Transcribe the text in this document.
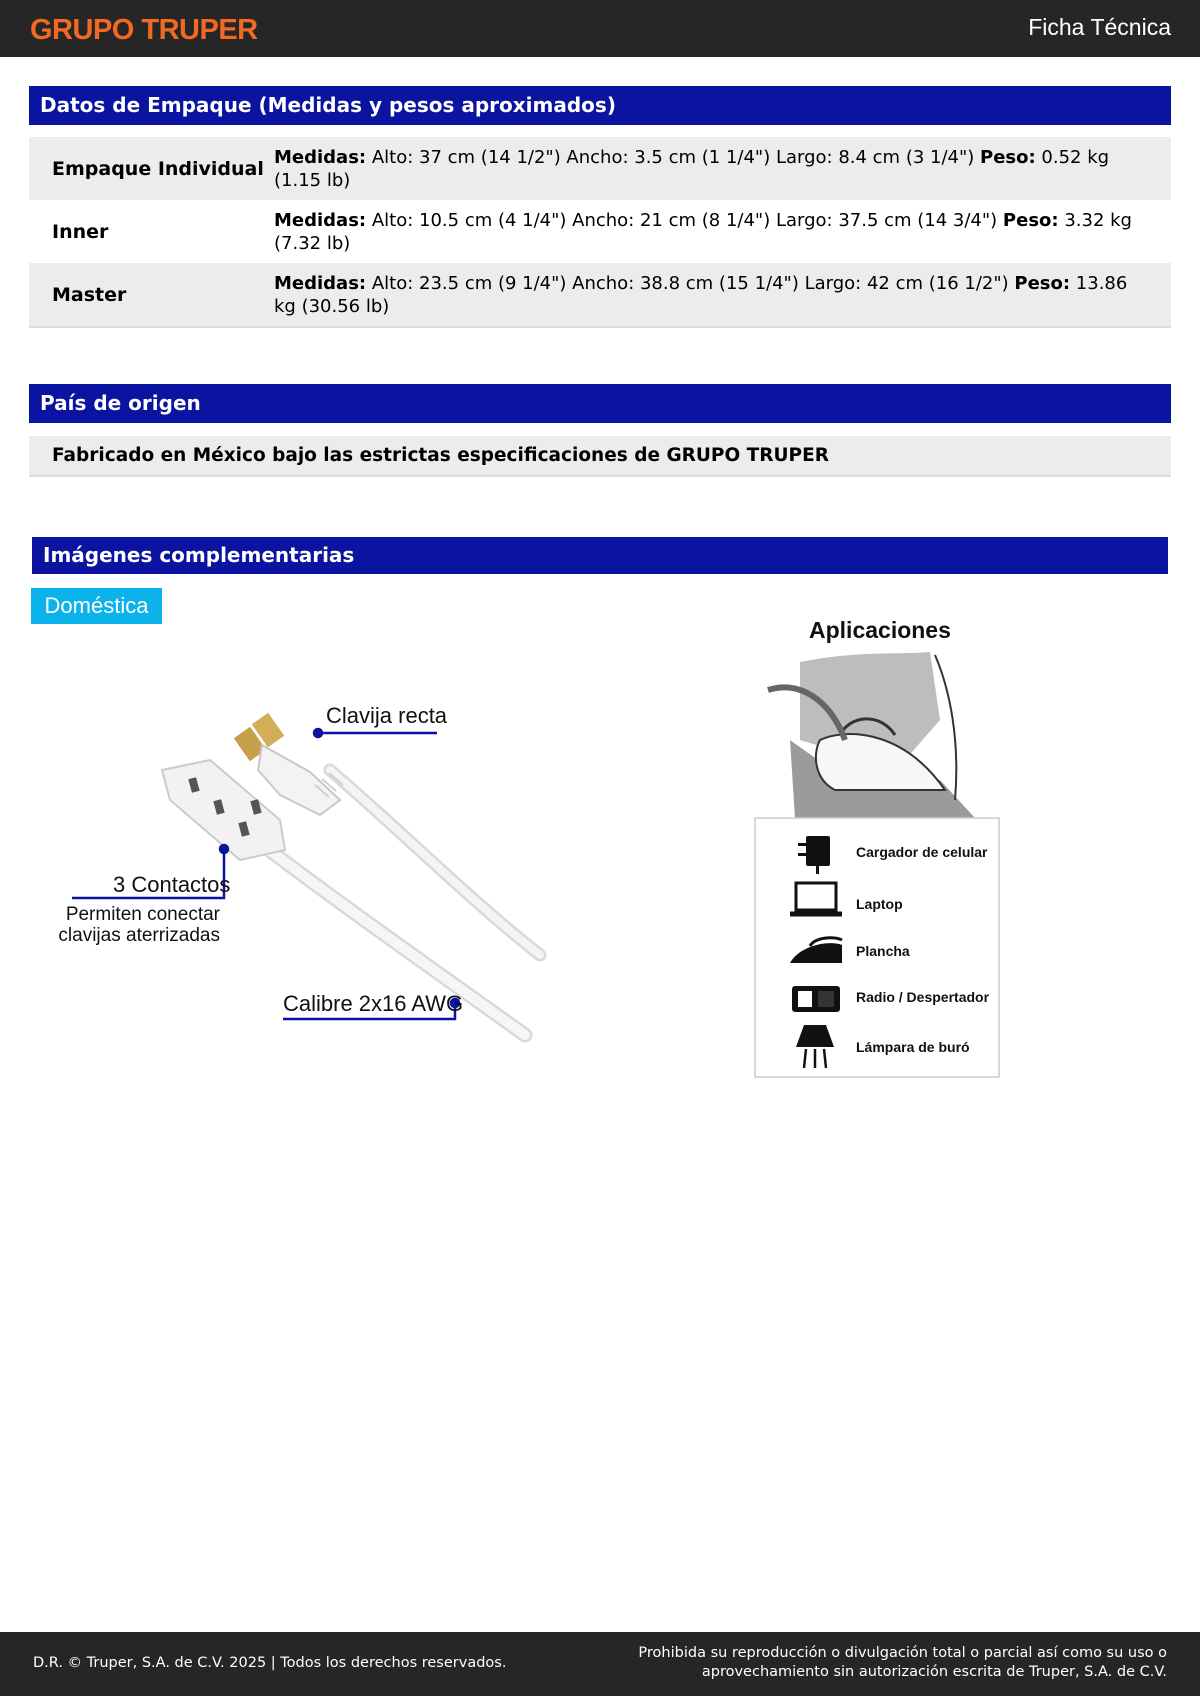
GRUPO TRUPER	Ficha Técnica
Datos de Empaque (Medidas y pesos aproximados)
Empaque Individual
Medidas: Alto: 37 cm (14 1/2") Ancho: 3.5 cm (1 1/4") Largo: 8.4 cm (3 1/4") Peso: 0.52 kg (1.15 lb)
Inner
Medidas: Alto: 10.5 cm (4 1/4") Ancho: 21 cm (8 1/4") Largo: 37.5 cm (14 3/4") Peso: 3.32 kg (7.32 lb)
Master
Medidas: Alto: 23.5 cm (9 1/4") Ancho: 38.8 cm (15 1/4") Largo: 42 cm (16 1/2") Peso: 13.86 kg (30.56 lb)
País de origen
Fabricado en México bajo las estrictas especificaciones de GRUPO TRUPER
Imágenes complementarias
Doméstica
Clavija recta
3 Contactos
Permiten conectar
clavijas aterrizadas
Calibre 2x16 AWG
Aplicaciones
Cargador de celular
Laptop
Plancha
Radio / Despertador
Lámpara de buró
D.R. © Truper, S.A. de C.V. 2025 | Todos los derechos reservados.
Prohibida su reproducción o divulgación total o parcial así como su uso o
aprovechamiento sin autorización escrita de Truper, S.A. de C.V.
